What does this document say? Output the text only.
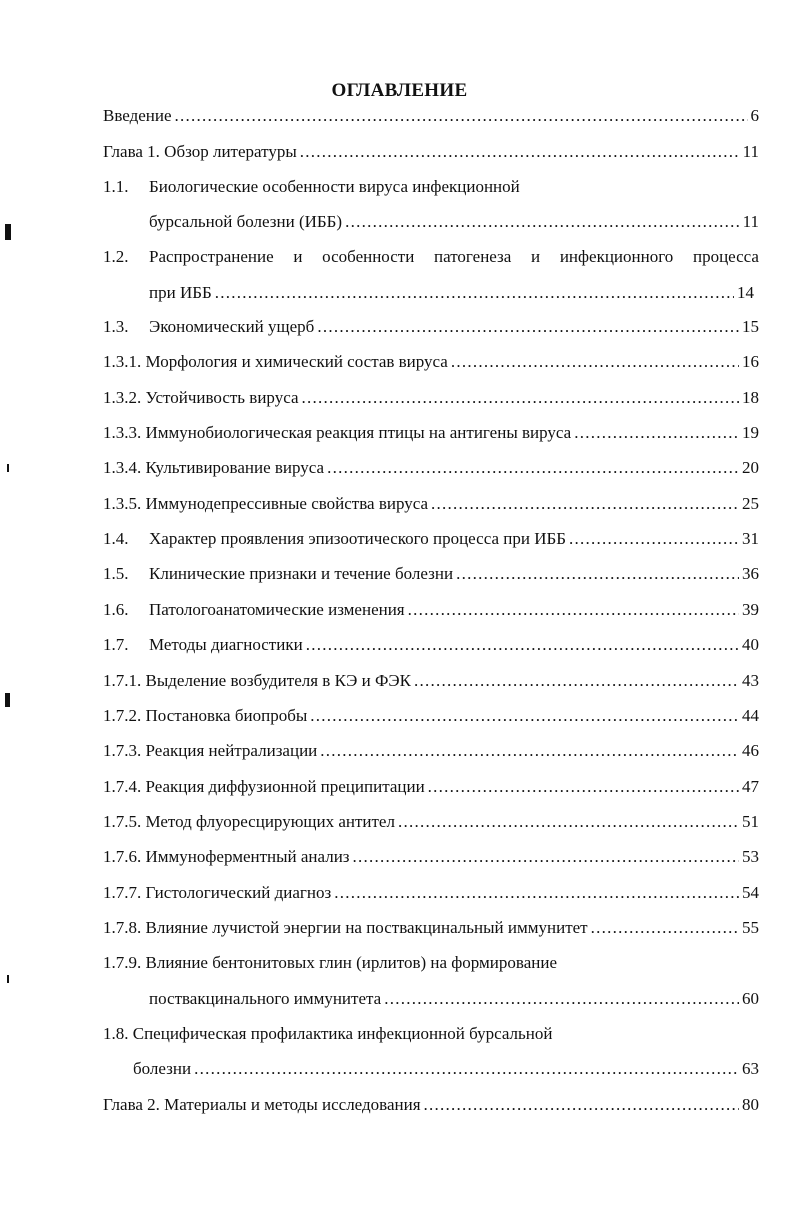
ОГЛАВЛЕНИЕ
Введение . . .	6
Глава 1. Обзор литературы . . .	11
1.1. Биологические особенности вируса инфекционной
бурсальной болезни (ИББ) . . .	11
1.2. Распространение и особенности патогенеза и инфекционного процесса
при ИББ . . .	14
1.3. Экономический ущерб . . .	15
1.3.1. Морфология и химический состав вируса . . .	16
1.3.2. Устойчивость вируса . . .	18
1.3.3. Иммунобиологическая реакция птицы на антигены вируса . . .	19
1.3.4. Культивирование вируса . . .	20
1.3.5. Иммунодепрессивные свойства вируса . . .	25
1.4. Характер проявления эпизоотического процесса при ИББ . . .	31
1.5. Клинические признаки и течение болезни . . .	36
1.6. Патологоанатомические изменения . . .	39
1.7. Методы диагностики . . .	40
1.7.1. Выделение возбудителя в КЭ и ФЭК . . .	43
1.7.2. Постановка биопробы . . .	44
1.7.3. Реакция нейтрализации . . .	46
1.7.4. Реакция диффузионной преципитации . . .	47
1.7.5. Метод флуоресцирующих антител . . .	51
1.7.6. Иммуноферментный анализ . . .	53
1.7.7. Гистологический диагноз . . .	54
1.7.8. Влияние лучистой энергии на поствакцинальный иммунитет . . .	55
1.7.9. Влияние бентонитовых глин (ирлитов) на формирование
поствакцинального иммунитета . . .	60
1.8. Специфическая профилактика инфекционной бурсальной
болезни . . .	63
Глава 2. Материалы и методы исследования . . .	80
